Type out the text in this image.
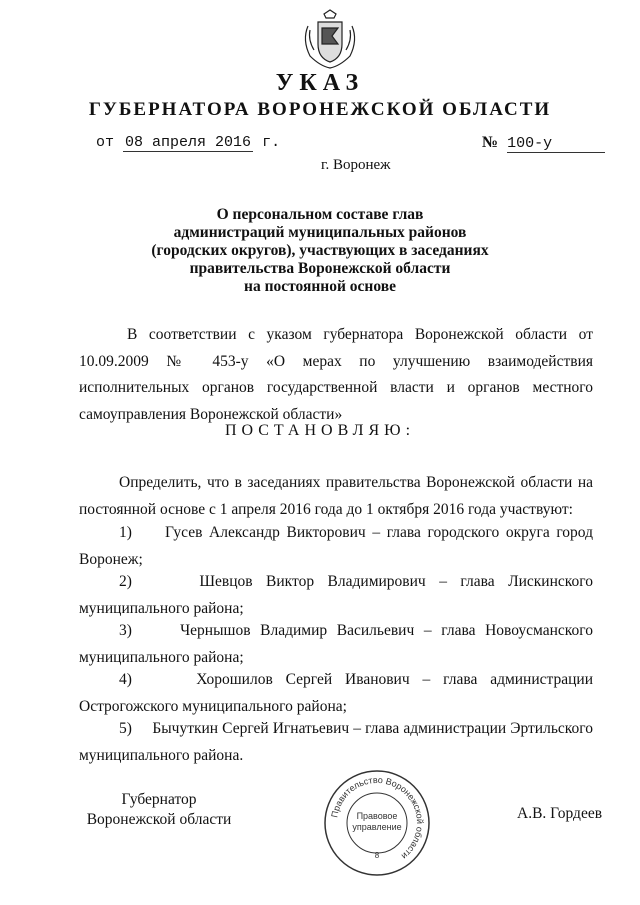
УКАЗ
ГУБЕРНАТОРА ВОРОНЕЖСКОЙ ОБЛАСТИ
от 08 апреля 2016 г.	№ 100-у
г. Воронеж
О персональном составе глав
администраций муниципальных районов
(городских округов), участвующих в заседаниях
правительства Воронежской области
на постоянной основе
В соответствии с указом губернатора Воронежской области от 10.09.2009 № 453-у «О мерах по улучшению взаимодействия исполнительных органов государственной власти и органов местного самоуправления Воронежской области»
ПОСТАНОВЛЯЮ:
Определить, что в заседаниях правительства Воронежской области на постоянной основе с 1 апреля 2016 года до 1 октября 2016 года участвуют:
1) Гусев Александр Викторович – глава городского округа город Воронеж;
2)	Шевцов Виктор Владимирович – глава Лискинского муниципального района;
3)	Чернышов Владимир Васильевич – глава Новоусманского муниципального района;
4)	Хорошилов Сергей Иванович – глава администрации Острогожского муниципального района;
5) Бычуткин Сергей Игнатьевич – глава администрации Эртильского муниципального района.
Губернатор
Воронежской области	Правительство Воронежской области
Правовое
управление
8
А.В. Гордеев
